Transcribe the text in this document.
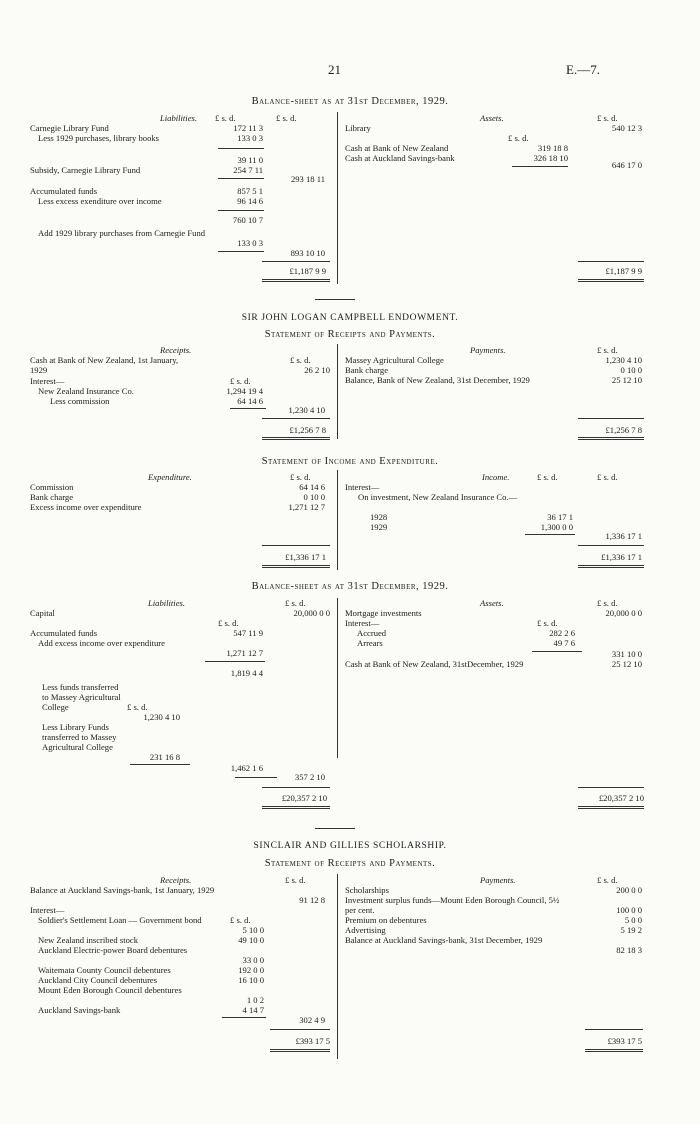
21	E.—7.
Balance-sheet as at 31st December, 1929.
Liabilities. £ s. d.	£ s. d.	Assets.	£ s. d.
£ s. d.
Carnegie Library Fund	172 11 3
Less 1929 purchases, library books	133 0 3
39 11 0
Subsidy, Carnegie Library Fund	254 7 11
293 18 11
Accumulated funds	857 5 1
Less excess exenditure over income	96 14 6
760 10 7
Add 1929 library purchases from Carnegie Fund
133 0 3
893 10 10
£1,187 9 9
Library	540 12 3
Cash at Bank of New Zealand	319 18 8
Cash at Auckland Savings-bank	326 18 10
646 17 0
£1,187 9 9
SIR JOHN LOGAN CAMPBELL ENDOWMENT.
Statement of Receipts and Payments.
Receipts.	Payments.
£ s. d.
£ s. d.
Cash at Bank of New Zealand, 1st January, 1929	26 2 10
Interest—	£ s. d.
New Zealand Insurance Co.	1,294 19 4
Less commission	64 14 6
1,230 4 10
£1,256 7 8
Massey Agricultural College	1,230 4 10
Bank charge	0 10 0
Balance, Bank of New Zealand, 31st December, 1929	25 12 10
£1,256 7 8
Statement of Income and Expenditure.
Expenditure.	£ s. d.	Income.	£ s. d.	£ s. d.
Commission	64 14 6
Bank charge	0 10 0
Excess income over expenditure	1,271 12 7
£1,336 17 1
Interest—
On investment, New Zealand Insurance Co.—
1928	36 17 1
1929	1,300 0 0
1,336 17 1
£1,336 17 1
Balance-sheet as at 31st December, 1929.
Liabilities.	£ s. d.	Assets.	£ s. d.
Capital	20,000 0 0
£ s. d.
Accumulated funds	547 11 9
Add excess income over expenditure
1,271 12 7
1,819 4 4
Less funds transferred to Massey Agricultural College	£ s. d.
1,230 4 10
Less Library Funds transferred to Massey Agricultural College
231 16 8
1,462 1 6
357 2 10
£20,357 2 10
Mortgage investments	20,000 0 0
Interest—	£ s. d.
Accrued	282 2 6
Arrears	49 7 6
331 10 0
Cash at Bank of New Zealand, 31stDecember, 1929	25 12 10
£20,357 2 10
SINCLAIR AND GILLIES SCHOLARSHIP.
Statement of Receipts and Payments.
Receipts.	£ s. d.	Payments.	£ s. d.
Balance at Auckland Savings-bank, 1st January, 1929
91 12 8
Interest—
£ s. d.
Soldier's Settlement Loan — Government bond
5 10 0
New Zealand inscribed stock	49 10 0
Auckland Electric-power Board debentures
33 0 0
Waitemata County Council debentures	192 0 0
Auckland City Council debentures	16 10 0
Mount Eden Borough Council debentures
1 0 2
Auckland Savings-bank	4 14 7
302 4 9
£393 17 5
Scholarships	200 0 0
Investment surplus funds—Mount Eden Borough Council, 5½ per cent.	100 0 0
Premium on debentures	5 0 0
Advertising	5 19 2
Balance at Auckland Savings-bank, 31st December, 1929
82 18 3
£393 17 5
